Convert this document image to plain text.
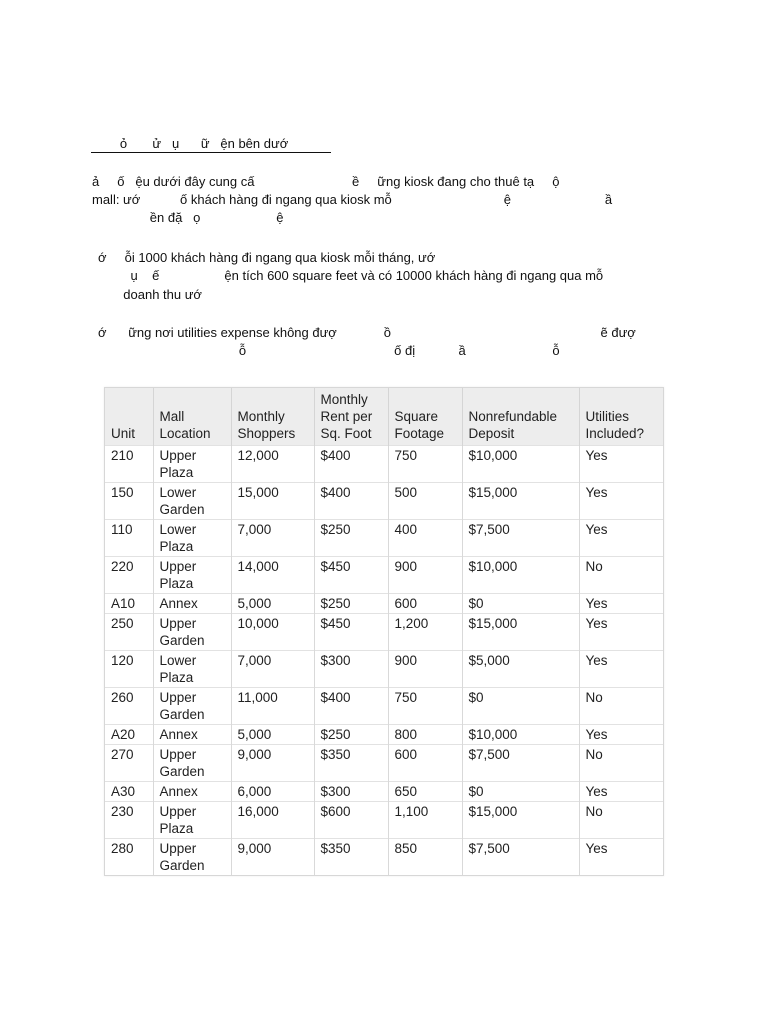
ỏ       ử   ụ      ữ   ện bên dướ
ả     ố   ệu dưới đây cung cấ                           ề     ững kiosk đang cho thuê tạ     ộ
mall: ướ           ố khách hàng đi ngang qua kiosk mỗ                               ệ                          ầ
ền đặ   ọ                     ệ
ớ     ỗi 1000 khách hàng đi ngang qua kiosk mỗi tháng, ướ
ụ    ế                  ện tích 600 square feet và có 10000 khách hàng đi ngang qua mỗ
doanh thu ướ
ớ      ững nơi utilities expense không đượ             ồ                                                          ẽ đượ
ỗ                                         ố đị            ầ                        ỗ
Unit	Mall Location	Monthly Shoppers	Monthly Rent per Sq. Foot	Square Footage	Nonrefundable Deposit	Utilities Included?
210	Upper Plaza	12,000	$400	750	$10,000	Yes
150	Lower Garden	15,000	$400	500	$15,000	Yes
110	Lower Plaza	7,000	$250	400	$7,500	Yes
220	Upper Plaza	14,000	$450	900	$10,000	No
A10	Annex	5,000	$250	600	$0	Yes
250	Upper Garden	10,000	$450	1,200	$15,000	Yes
120	Lower Plaza	7,000	$300	900	$5,000	Yes
260	Upper Garden	11,000	$400	750	$0	No
A20	Annex	5,000	$250	800	$10,000	Yes
270	Upper Garden	9,000	$350	600	$7,500	No
A30	Annex	6,000	$300	650	$0	Yes
230	Upper Plaza	16,000	$600	1,100	$15,000	No
280	Upper Garden	9,000	$350	850	$7,500	Yes
